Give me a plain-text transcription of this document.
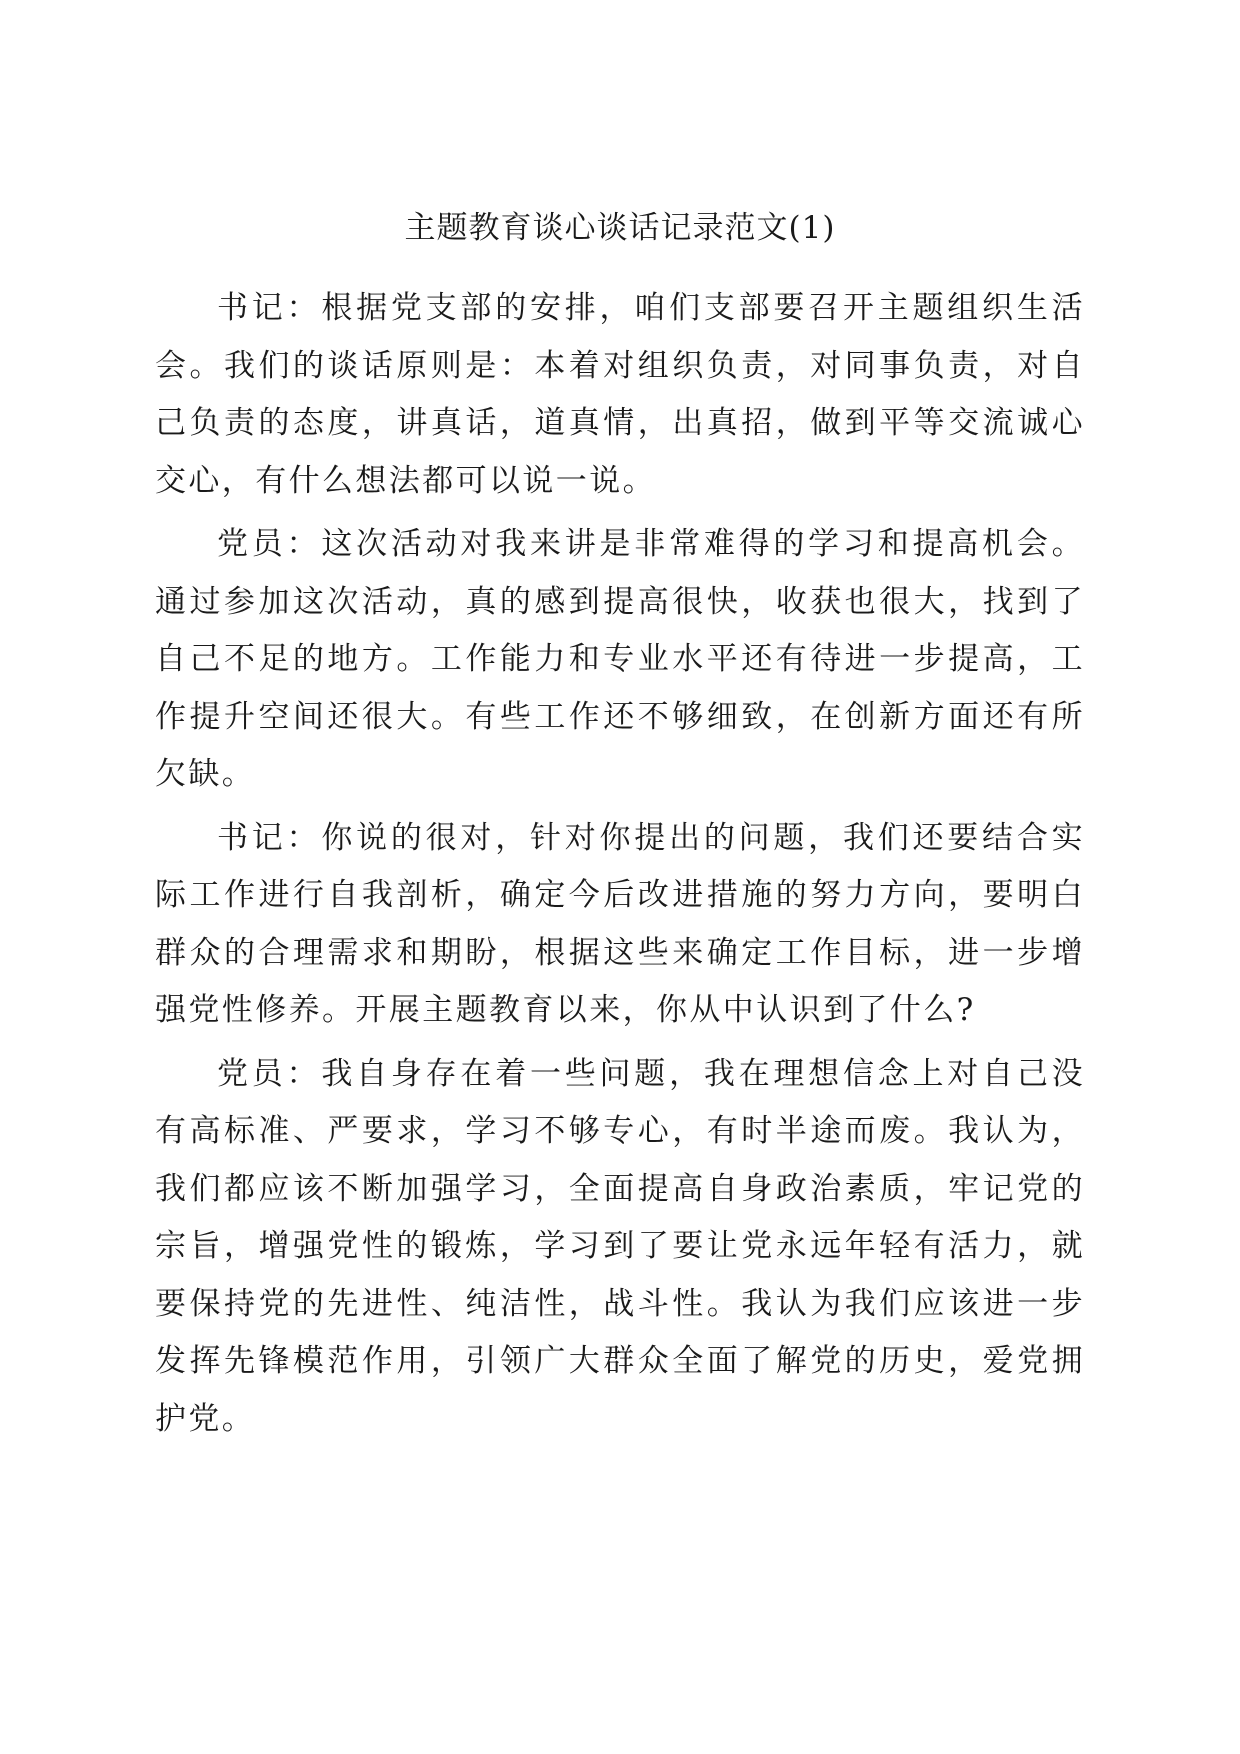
主题教育谈心谈话记录范文(1)

书记：根据党支部的安排，咱们支部要召开主题组织生活会。我们的谈话原则是：本着对组织负责，对同事负责，对自己负责的态度，讲真话，道真情，出真招，做到平等交流诚心交心，有什么想法都可以说一说。

党员：这次活动对我来讲是非常难得的学习和提高机会。通过参加这次活动，真的感到提高很快，收获也很大，找到了自己不足的地方。工作能力和专业水平还有待进一步提高，工作提升空间还很大。有些工作还不够细致，在创新方面还有所欠缺。

书记：你说的很对，针对你提出的问题，我们还要结合实际工作进行自我剖析，确定今后改进措施的努力方向，要明白群众的合理需求和期盼，根据这些来确定工作目标，进一步增强党性修养。开展主题教育以来，你从中认识到了什么?

党员：我自身存在着一些问题，我在理想信念上对自己没有高标准、严要求，学习不够专心，有时半途而废。我认为，我们都应该不断加强学习，全面提高自身政治素质，牢记党的宗旨，增强党性的锻炼，学习到了要让党永远年轻有活力，就要保持党的先进性、纯洁性，战斗性。我认为我们应该进一步发挥先锋模范作用，引领广大群众全面了解党的历史，爱党拥护党。
